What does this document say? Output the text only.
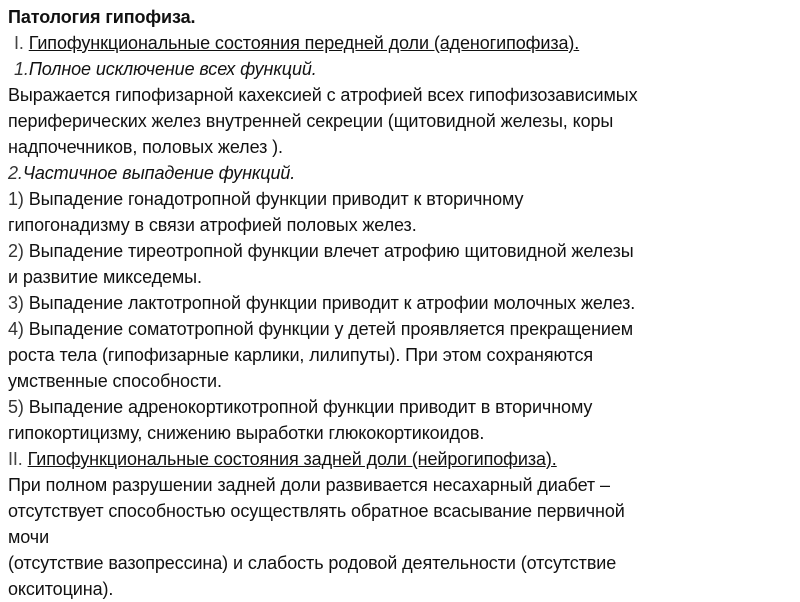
Патология гипофиза.
I. Гипофункциональные состояния передней доли (аденогипофиза).
1.Полное исключение всех функций.
Выражается гипофизарной кахексией с атрофией всех гипофизозависимых
периферических желез внутренней секреции (щитовидной железы, коры
надпочечников, половых желез ).
2.Частичное выпадение функций.
1) Выпадение гонадотропной функции приводит к вторичному
гипогонадизму в связи атрофией половых желез.
2) Выпадение тиреотропной функции влечет атрофию щитовидной железы
и развитие микседемы.
3) Выпадение лактотропной функции приводит к атрофии молочных желез.
4) Выпадение соматотропной функции у детей проявляется прекращением
роста тела (гипофизарные карлики, лилипуты). При этом сохраняются
умственные способности.
5) Выпадение адренокортикотропной функции приводит в вторичному
гипокортицизму, снижению выработки глюкокортикоидов.
II. Гипофункциональные состояния задней доли (нейрогипофиза).
При полном разрушении задней доли развивается несахарный диабет –
отсутствует способностью осуществлять обратное всасывание первичной
мочи
(отсутствие вазопрессина) и слабость родовой деятельности (отсутствие
окситоцина).
